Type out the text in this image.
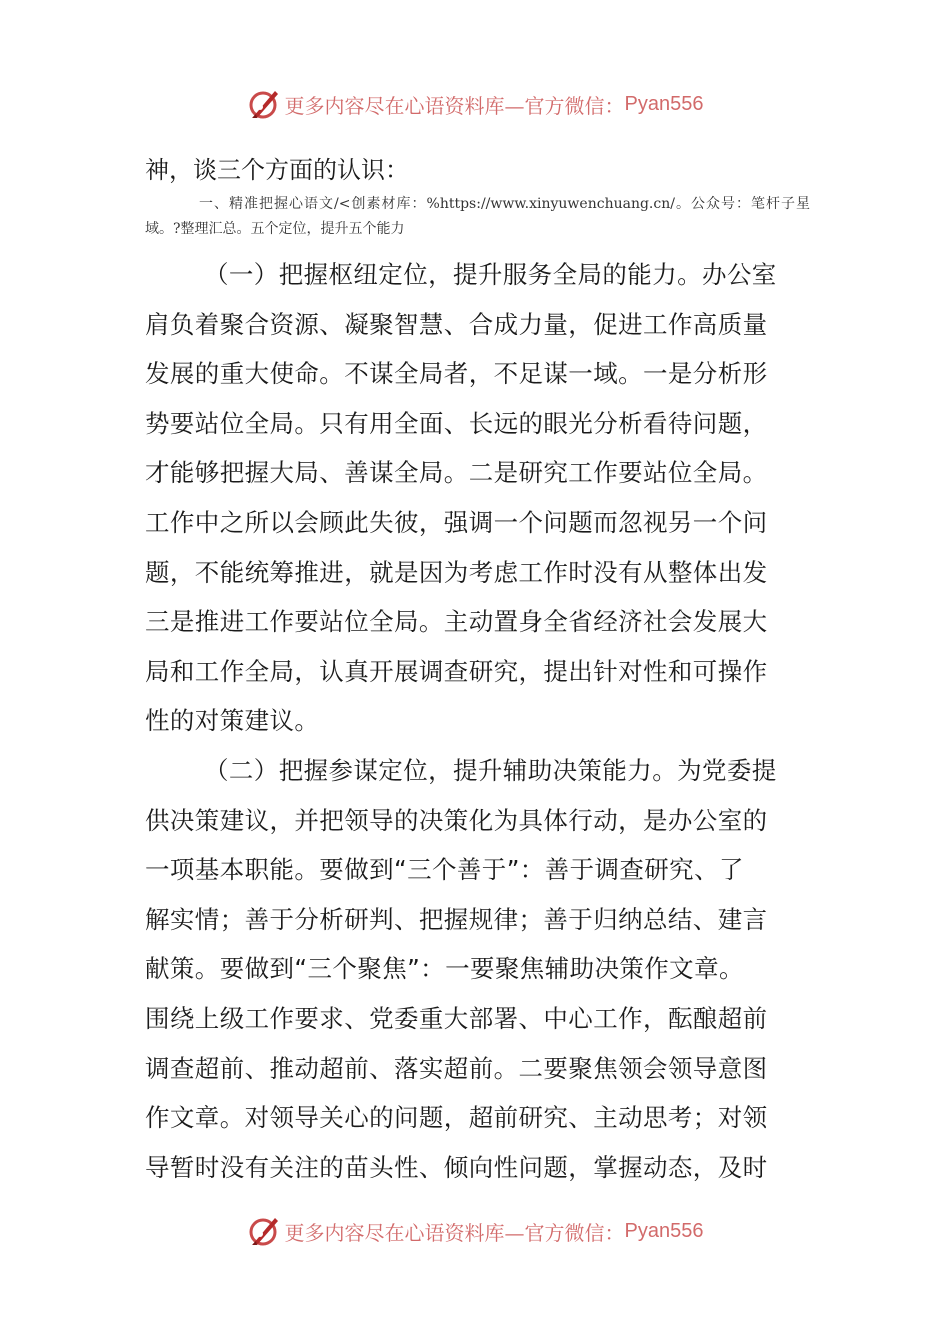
更多内容尽在心语资料库—官方微信： Pyan556

神，谈三个方面的认识：

一、精准把握心语文/<创素材库：%https://www.xinyuwenchuang.cn/。公众号：笔杆子星域。?整理汇总。五个定位，提升五个能力

（一）把握枢纽定位，提升服务全局的能力。办公室
肩负着聚合资源、凝聚智慧、合成力量，促进工作高质量
发展的重大使命。不谋全局者，不足谋一域。一是分析形
势要站位全局。只有用全面、长远的眼光分析看待问题，
才能够把握大局、善谋全局。二是研究工作要站位全局。
工作中之所以会顾此失彼，强调一个问题而忽视另一个问
题，不能统筹推进，就是因为考虑工作时没有从整体出发
三是推进工作要站位全局。主动置身全省经济社会发展大
局和工作全局，认真开展调查研究，提出针对性和可操作
性的对策建议。
（二）把握参谋定位，提升辅助决策能力。为党委提
供决策建议，并把领导的决策化为具体行动，是办公室的
一项基本职能。要做到“三个善于”：善于调查研究、了
解实情；善于分析研判、把握规律；善于归纳总结、建言
献策。要做到“三个聚焦”：一要聚焦辅助决策作文章。
围绕上级工作要求、党委重大部署、中心工作，酝酿超前
调查超前、推动超前、落实超前。二要聚焦领会领导意图
作文章。对领导关心的问题，超前研究、主动思考；对领
导暂时没有关注的苗头性、倾向性问题，掌握动态，及时
更多内容尽在心语资料库—官方微信： Pyan556
